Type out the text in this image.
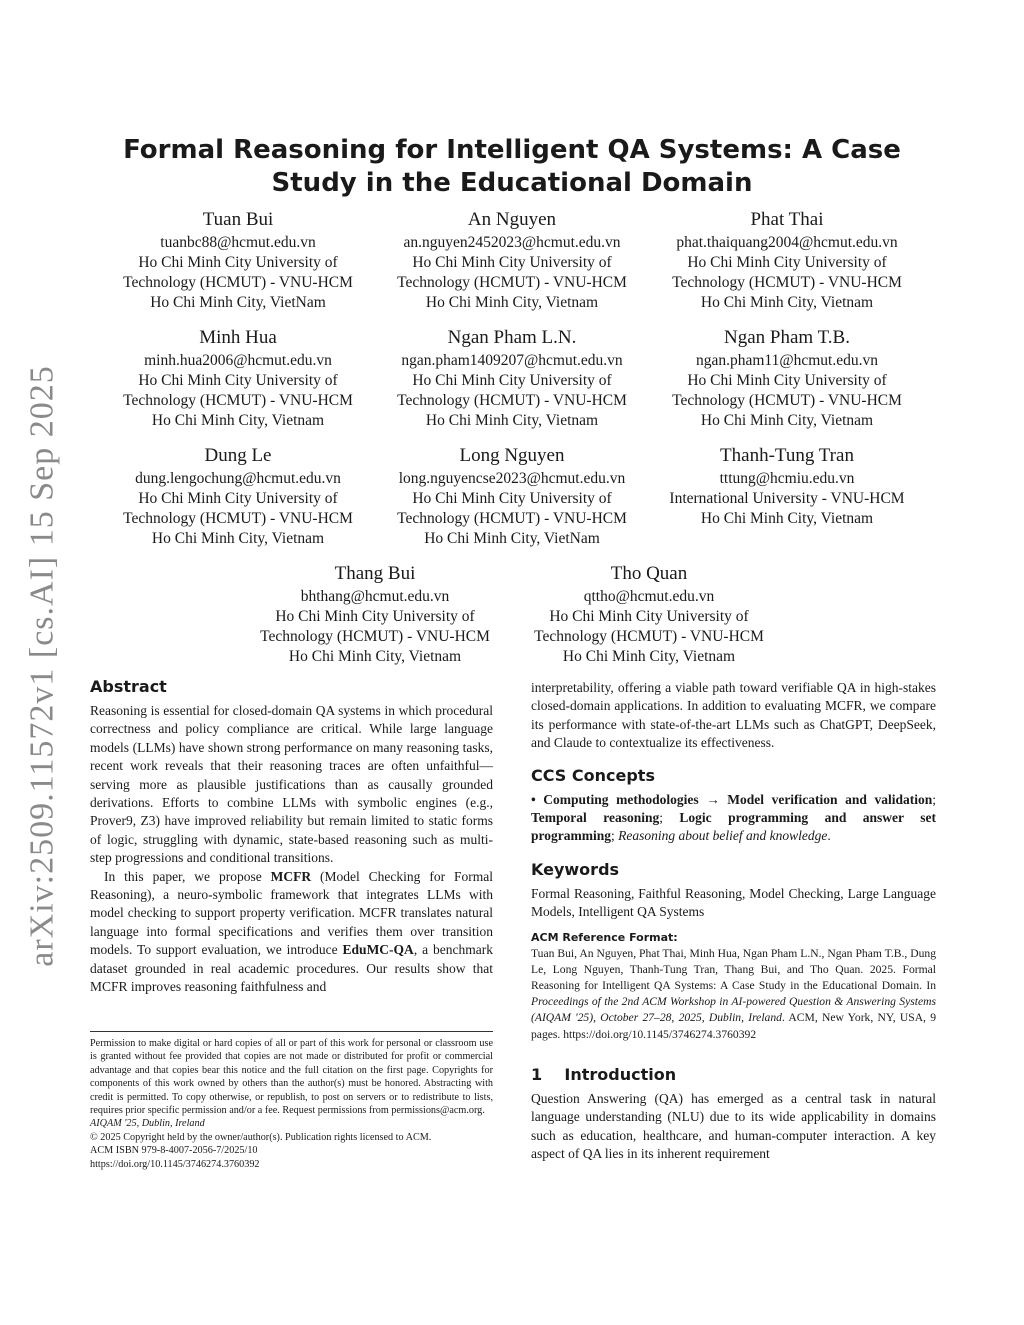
arXiv:2509.11572v1 [cs.AI] 15 Sep 2025
Formal Reasoning for Intelligent QA Systems: A Case Study in the Educational Domain
Tuan Bui
tuanbc88@hcmut.edu.vn
Ho Chi Minh City University of
Technology (HCMUT) - VNU-HCM
Ho Chi Minh City, VietNam
An Nguyen
an.nguyen2452023@hcmut.edu.vn
Ho Chi Minh City University of
Technology (HCMUT) - VNU-HCM
Ho Chi Minh City, Vietnam
Phat Thai
phat.thaiquang2004@hcmut.edu.vn
Ho Chi Minh City University of
Technology (HCMUT) - VNU-HCM
Ho Chi Minh City, Vietnam
Minh Hua
minh.hua2006@hcmut.edu.vn
Ho Chi Minh City University of
Technology (HCMUT) - VNU-HCM
Ho Chi Minh City, Vietnam
Ngan Pham L.N.
ngan.pham1409207@hcmut.edu.vn
Ho Chi Minh City University of
Technology (HCMUT) - VNU-HCM
Ho Chi Minh City, Vietnam
Ngan Pham T.B.
ngan.pham11@hcmut.edu.vn
Ho Chi Minh City University of
Technology (HCMUT) - VNU-HCM
Ho Chi Minh City, Vietnam
Dung Le
dung.lengochung@hcmut.edu.vn
Ho Chi Minh City University of
Technology (HCMUT) - VNU-HCM
Ho Chi Minh City, Vietnam
Long Nguyen
long.nguyencse2023@hcmut.edu.vn
Ho Chi Minh City University of
Technology (HCMUT) - VNU-HCM
Ho Chi Minh City, VietNam
Thanh-Tung Tran
tttung@hcmiu.edu.vn
International University - VNU-HCM
Ho Chi Minh City, Vietnam
Thang Bui
bhthang@hcmut.edu.vn
Ho Chi Minh City University of
Technology (HCMUT) - VNU-HCM
Ho Chi Minh City, Vietnam
Tho Quan
qttho@hcmut.edu.vn
Ho Chi Minh City University of
Technology (HCMUT) - VNU-HCM
Ho Chi Minh City, Vietnam
Abstract

Reasoning is essential for closed-domain QA systems in which procedural correctness and policy compliance are critical. While large language models (LLMs) have shown strong performance on many reasoning tasks, recent work reveals that their reasoning traces are often unfaithful—serving more as plausible justifications than as causally grounded derivations. Efforts to combine LLMs with symbolic engines (e.g., Prover9, Z3) have improved reliability but remain limited to static forms of logic, struggling with dynamic, state-based reasoning such as multi-step progressions and conditional transitions.

In this paper, we propose MCFR (Model Checking for Formal Reasoning), a neuro-symbolic framework that integrates LLMs with model checking to support property verification. MCFR translates natural language into formal specifications and verifies them over transition models. To support evaluation, we introduce EduMC-QA, a benchmark dataset grounded in real academic procedures. Our results show that MCFR improves reasoning faithfulness and

Permission to make digital or hard copies of all or part of this work for personal or classroom use is granted without fee provided that copies are not made or distributed for profit or commercial advantage and that copies bear this notice and the full citation on the first page. Copyrights for components of this work owned by others than the author(s) must be honored. Abstracting with credit is permitted. To copy otherwise, or republish, to post on servers or to redistribute to lists, requires prior specific permission and/or a fee. Request permissions from permissions@acm.org.

AIQAM '25, Dublin, Ireland

© 2025 Copyright held by the owner/author(s). Publication rights licensed to ACM.

ACM ISBN 979-8-4007-2056-7/2025/10

https://doi.org/10.1145/3746274.3760392

interpretability, offering a viable path toward verifiable QA in high-stakes closed-domain applications. In addition to evaluating MCFR, we compare its performance with state-of-the-art LLMs such as ChatGPT, DeepSeek, and Claude to contextualize its effectiveness.

CCS Concepts

• Computing methodologies → Model verification and validation; Temporal reasoning; Logic programming and answer set programming; Reasoning about belief and knowledge.

Keywords

Formal Reasoning, Faithful Reasoning, Model Checking, Large Language Models, Intelligent QA Systems

ACM Reference Format:

Tuan Bui, An Nguyen, Phat Thai, Minh Hua, Ngan Pham L.N., Ngan Pham T.B., Dung Le, Long Nguyen, Thanh-Tung Tran, Thang Bui, and Tho Quan. 2025. Formal Reasoning for Intelligent QA Systems: A Case Study in the Educational Domain. In Proceedings of the 2nd ACM Workshop in AI-powered Question & Answering Systems (AIQAM '25), October 27–28, 2025, Dublin, Ireland. ACM, New York, NY, USA, 9 pages. https://doi.org/10.1145/3746274.3760392

1    Introduction

Question Answering (QA) has emerged as a central task in natural language understanding (NLU) due to its wide applicability in domains such as education, healthcare, and human-computer interaction. A key aspect of QA lies in its inherent requirement
